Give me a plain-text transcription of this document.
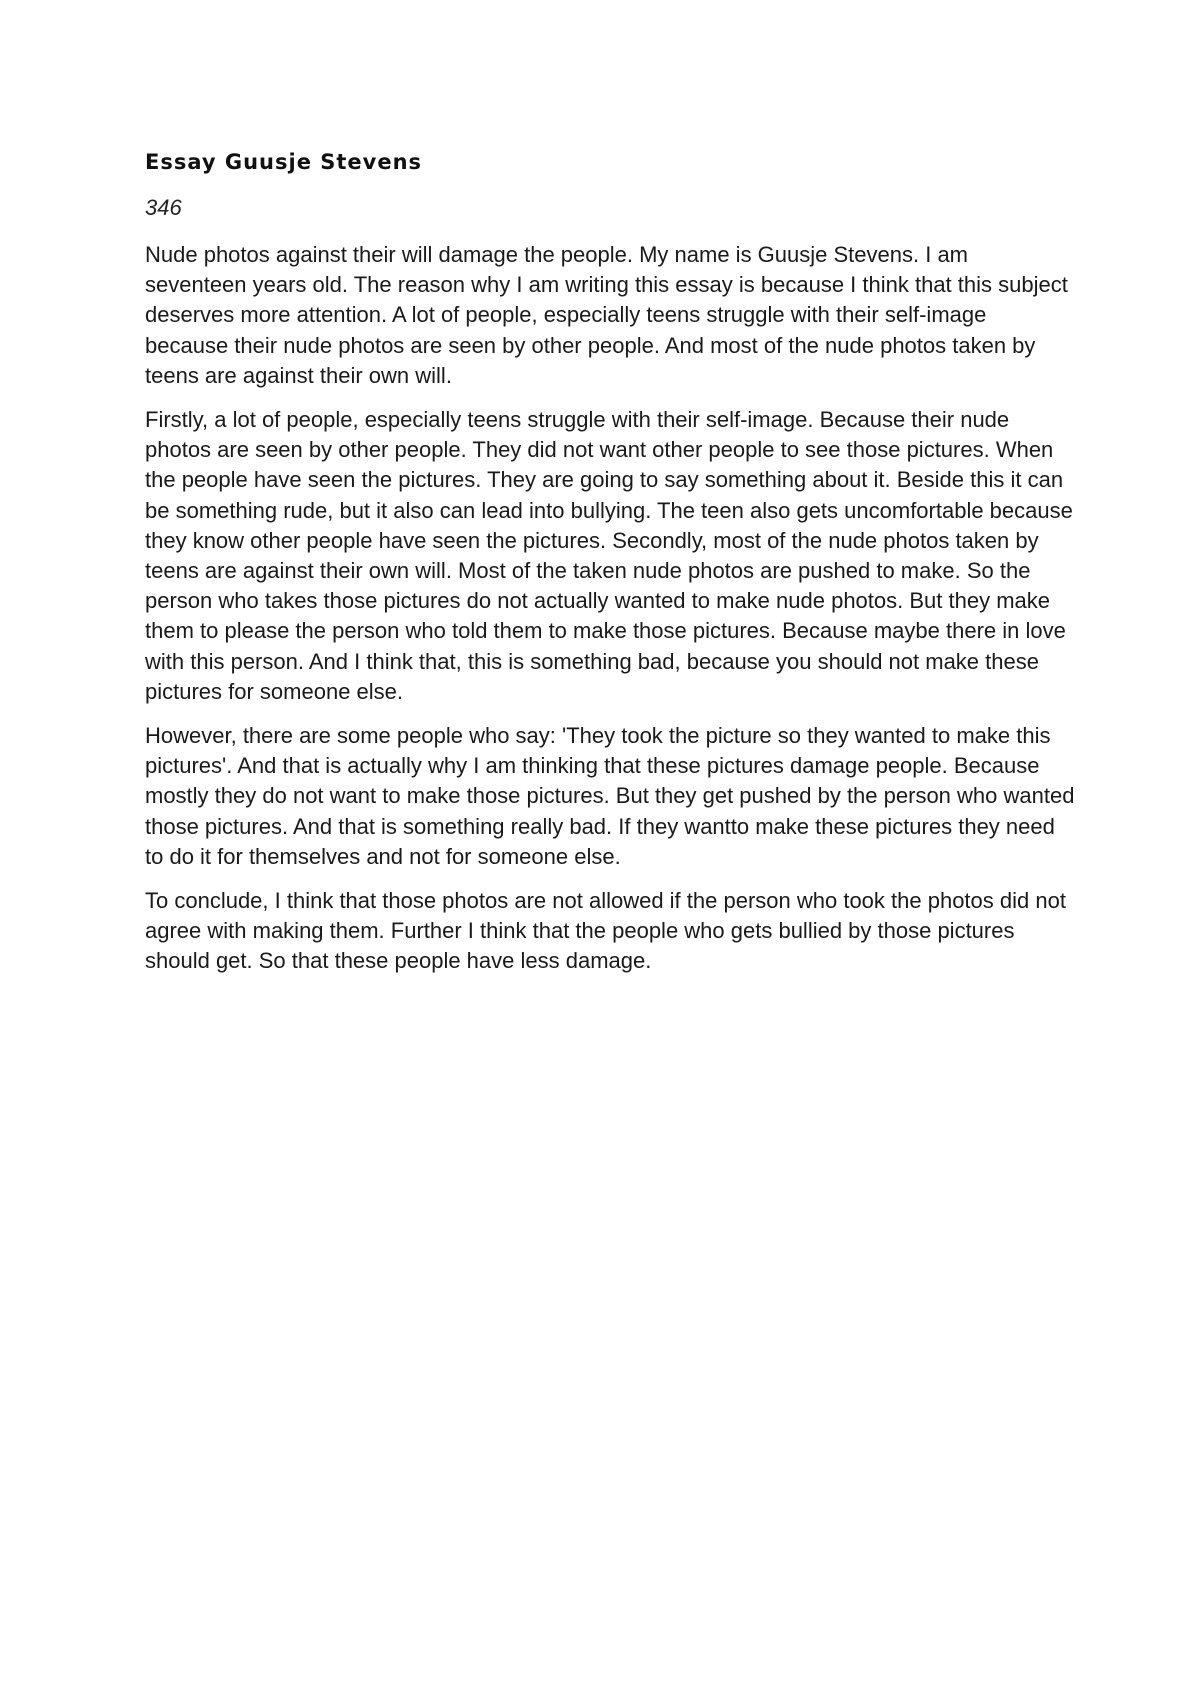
Essay Guusje Stevens
346

Nude photos against their will damage the people. My name is Guusje Stevens. I am seventeen years old. The reason why I am writing this essay is because I think that this subject deserves more attention. A lot of people, especially teens struggle with their self-image because their nude photos are seen by other people. And most of the nude photos taken by teens are against their own will.

Firstly, a lot of people, especially teens struggle with their self-image. Because their nude photos are seen by other people. They did not want other people to see those pictures. When the people have seen the pictures. They are going to say something about it. Beside this it can be something rude, but it also can lead into bullying. The teen also gets uncomfortable because they know other people have seen the pictures. Secondly, most of the nude photos taken by teens are against their own will. Most of the taken nude photos are pushed to make. So the person who takes those pictures do not actually wanted to make nude photos. But they make them to please the person who told them to make those pictures. Because maybe there in love with this person. And I think that, this is something bad, because you should not make these pictures for someone else.

However, there are some people who say: 'They took the picture so they wanted to make this pictures'. And that is actually why I am thinking that these pictures damage people. Because mostly they do not want to make those pictures. But they get pushed by the person who wanted those pictures. And that is something really bad. If they wantto make these pictures they need to do it for themselves and not for someone else.

To conclude, I think that those photos are not allowed if the person who took the photos did not agree with making them. Further I think that the people who gets bullied by those pictures should get. So that these people have less damage.
